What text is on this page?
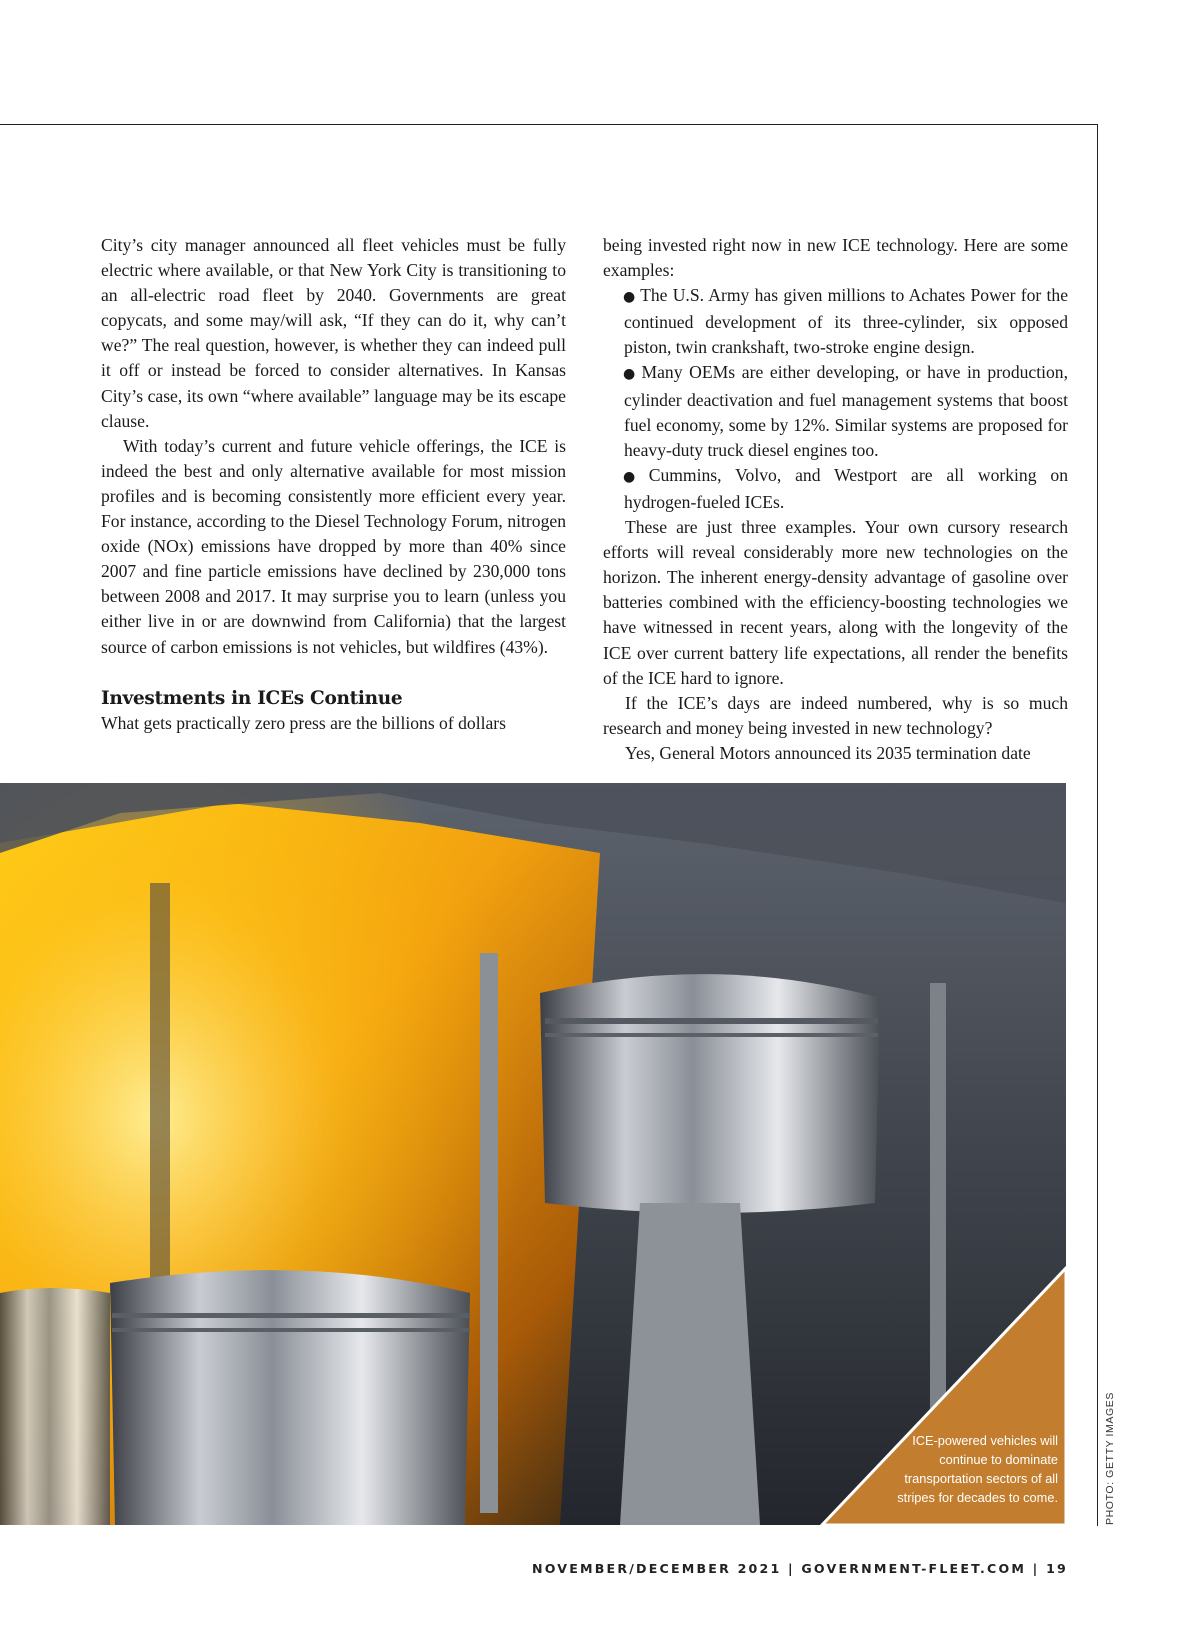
City’s city manager announced all fleet vehicles must be fully electric where available, or that New York City is transitioning to an all-electric road fleet by 2040. Governments are great copycats, and some may/will ask, “If they can do it, why can’t we?” The real question, however, is whether they can indeed pull it off or instead be forced to consider alternatives. In Kansas City’s case, its own “where available” language may be its escape clause.

With today’s current and future vehicle offerings, the ICE is indeed the best and only alternative available for most mission profiles and is becoming consistently more efficient every year. For instance, according to the Diesel Technology Forum, nitrogen oxide (NOx) emissions have dropped by more than 40% since 2007 and fine particle emissions have declined by 230,000 tons between 2008 and 2017. It may surprise you to learn (unless you either live in or are downwind from California) that the largest source of carbon emissions is not vehicles, but wildfires (43%).

Investments in ICEs Continue

What gets practically zero press are the billions of dollars

being invested right now in new ICE technology. Here are some examples:

● The U.S. Army has given millions to Achates Power for the continued development of its three-cylinder, six opposed piston, twin crankshaft, two-stroke engine design.

● Many OEMs are either developing, or have in production, cylinder deactivation and fuel management systems that boost fuel economy, some by 12%. Similar systems are proposed for heavy-duty truck diesel engines too.

● Cummins, Volvo, and Westport are all working on hydrogen-fueled ICEs.

These are just three examples. Your own cursory research efforts will reveal considerably more new technologies on the horizon. The inherent energy-density advantage of gasoline over batteries combined with the efficiency-boosting technologies we have witnessed in recent years, along with the longevity of the ICE over current battery life expectations, all render the benefits of the ICE hard to ignore.

If the ICE’s days are indeed numbered, why is so much research and money being invested in new technology?

Yes, General Motors announced its 2035 termination date

ICE-powered vehicles will continue to dominate transportation sectors of all stripes for decades to come.	PHOTO: GETTY IMAGES
NOVEMBER/DECEMBER 2021 | GOVERNMENT-FLEET.COM | 19
